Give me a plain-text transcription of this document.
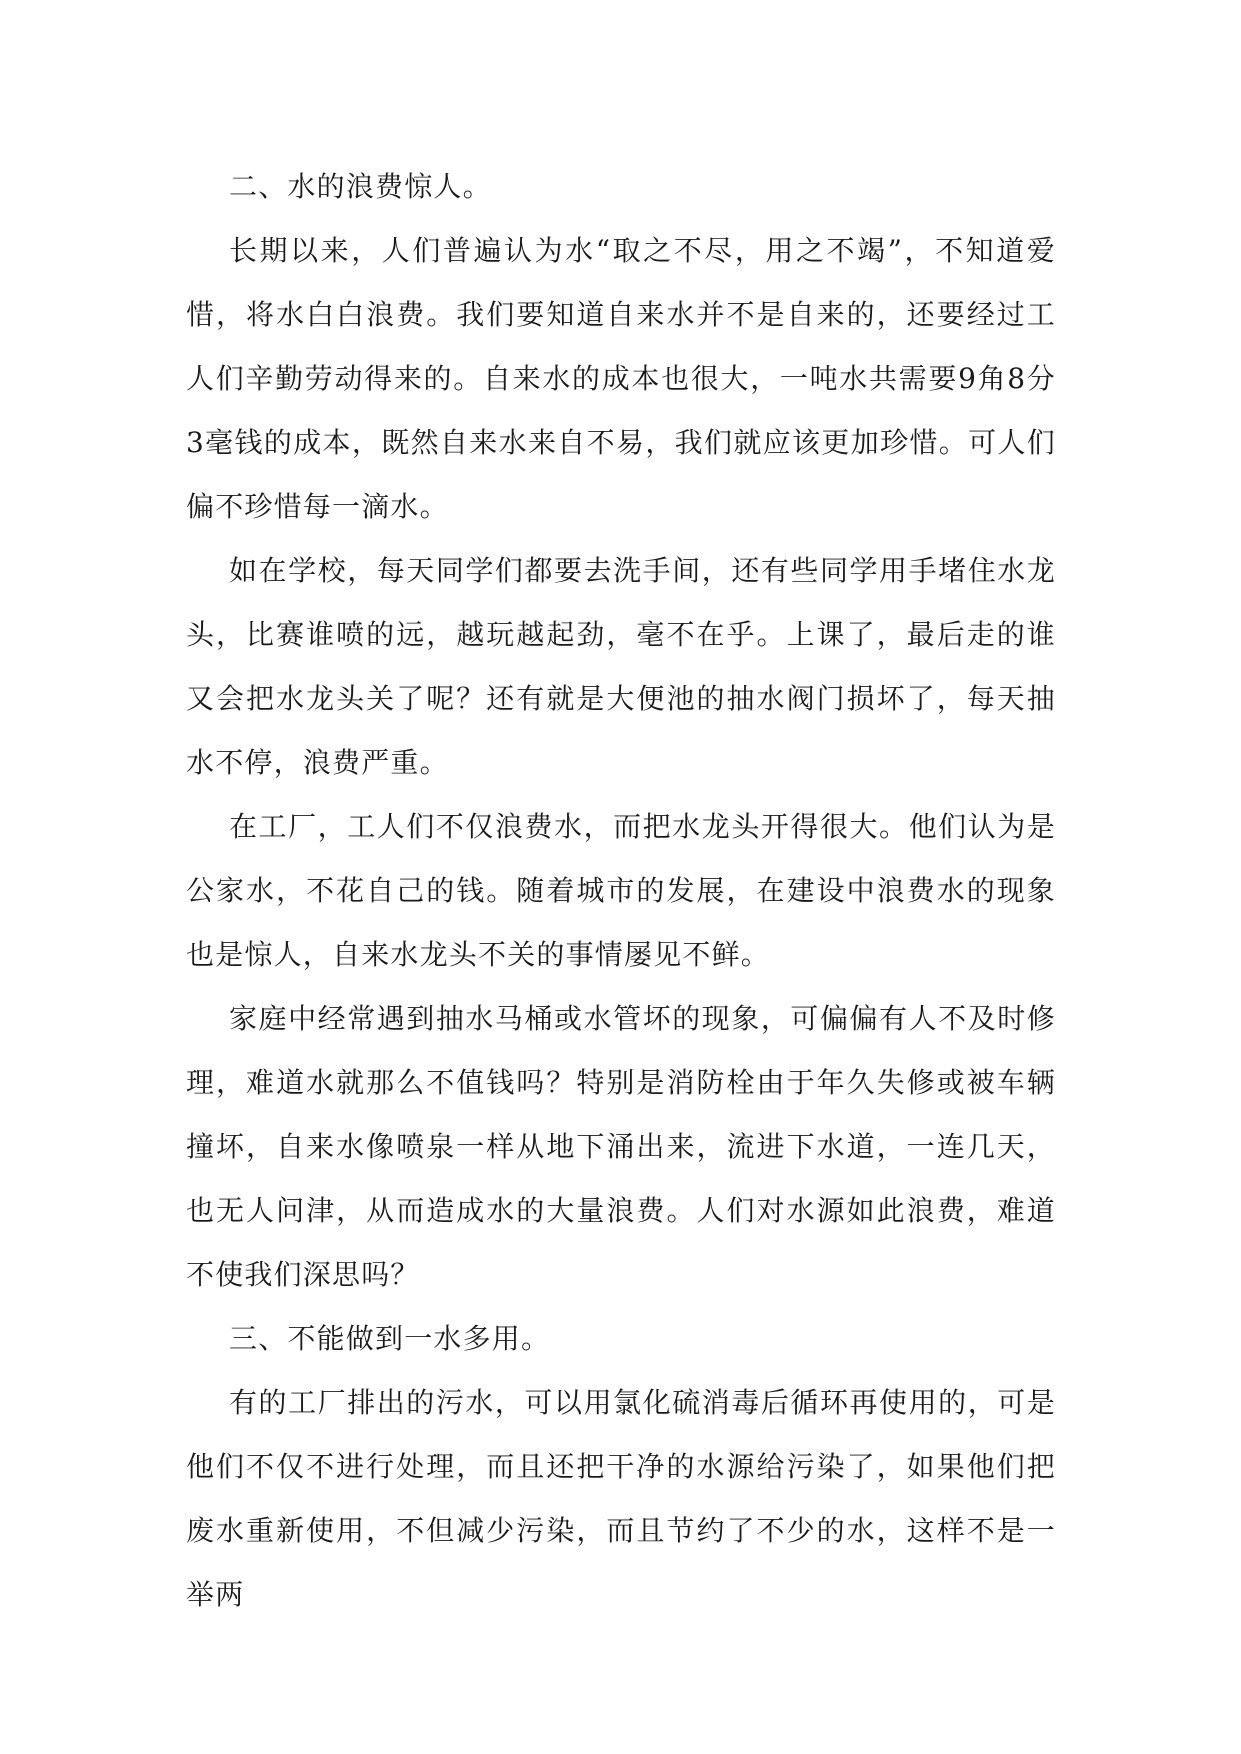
二、水的浪费惊人。

长期以来，人们普遍认为水“取之不尽，用之不竭”，不知道爱惜，将水白白浪费。我们要知道自来水并不是自来的，还要经过工人们辛勤劳动得来的。自来水的成本也很大，一吨水共需要9角8分3毫钱的成本，既然自来水来自不易，我们就应该更加珍惜。可人们偏不珍惜每一滴水。

如在学校，每天同学们都要去洗手间，还有些同学用手堵住水龙头，比赛谁喷的远，越玩越起劲，毫不在乎。上课了，最后走的谁又会把水龙头关了呢？还有就是大便池的抽水阀门损坏了，每天抽水不停，浪费严重。

在工厂，工人们不仅浪费水，而把水龙头开得很大。他们认为是公家水，不花自己的钱。随着城市的发展，在建设中浪费水的现象也是惊人，自来水龙头不关的事情屡见不鲜。

家庭中经常遇到抽水马桶或水管坏的现象，可偏偏有人不及时修理，难道水就那么不值钱吗？特别是消防栓由于年久失修或被车辆撞坏，自来水像喷泉一样从地下涌出来，流进下水道，一连几天，也无人问津，从而造成水的大量浪费。人们对水源如此浪费，难道不使我们深思吗？

三、不能做到一水多用。

有的工厂排出的污水，可以用氯化硫消毒后循环再使用的，可是他们不仅不进行处理，而且还把干净的水源给污染了，如果他们把废水重新使用，不但减少污染，而且节约了不少的水，这样不是一举两
